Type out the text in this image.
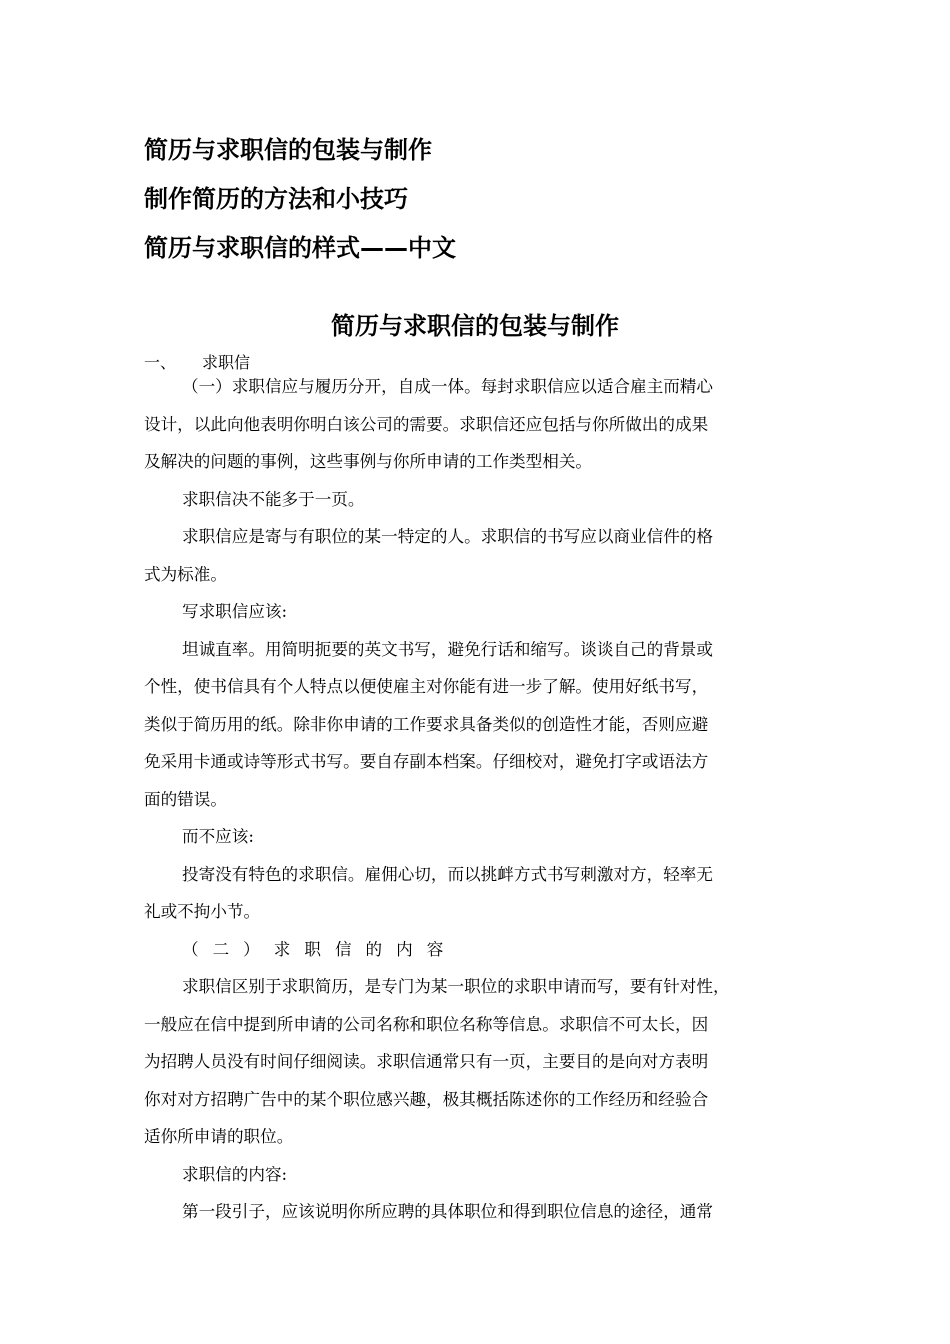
简历与求职信的包装与制作
制作简历的方法和小技巧
简历与求职信的样式——中文
简历与求职信的包装与制作
一、 求职信
（一）求职信应与履历分开，自成一体。每封求职信应以适合雇主而精心
设计，以此向他表明你明白该公司的需要。求职信还应包括与你所做出的成果
及解决的问题的事例，这些事例与你所申请的工作类型相关。
求职信决不能多于一页。
求职信应是寄与有职位的某一特定的人。求职信的书写应以商业信件的格
式为标准。
写求职信应该:
坦诚直率。用简明扼要的英文书写，避免行话和缩写。谈谈自己的背景或
个性，使书信具有个人特点以便使雇主对你能有进一步了解。使用好纸书写，
类似于简历用的纸。除非你申请的工作要求具备类似的创造性才能，否则应避
免采用卡通或诗等形式书写。要自存副本档案。仔细校对，避免打字或语法方
面的错误。
而不应该:
投寄没有特色的求职信。雇佣心切，而以挑衅方式书写刺激对方，轻率无
礼或不拘小节。
（二）求职信的内容
求职信区别于求职简历，是专门为某一职位的求职申请而写，要有针对性，
一般应在信中提到所申请的公司名称和职位名称等信息。求职信不可太长，因
为招聘人员没有时间仔细阅读。求职信通常只有一页，主要目的是向对方表明
你对对方招聘广告中的某个职位感兴趣，极其概括陈述你的工作经历和经验合
适你所申请的职位。
求职信的内容:
第一段引子，应该说明你所应聘的具体职位和得到职位信息的途径，通常
